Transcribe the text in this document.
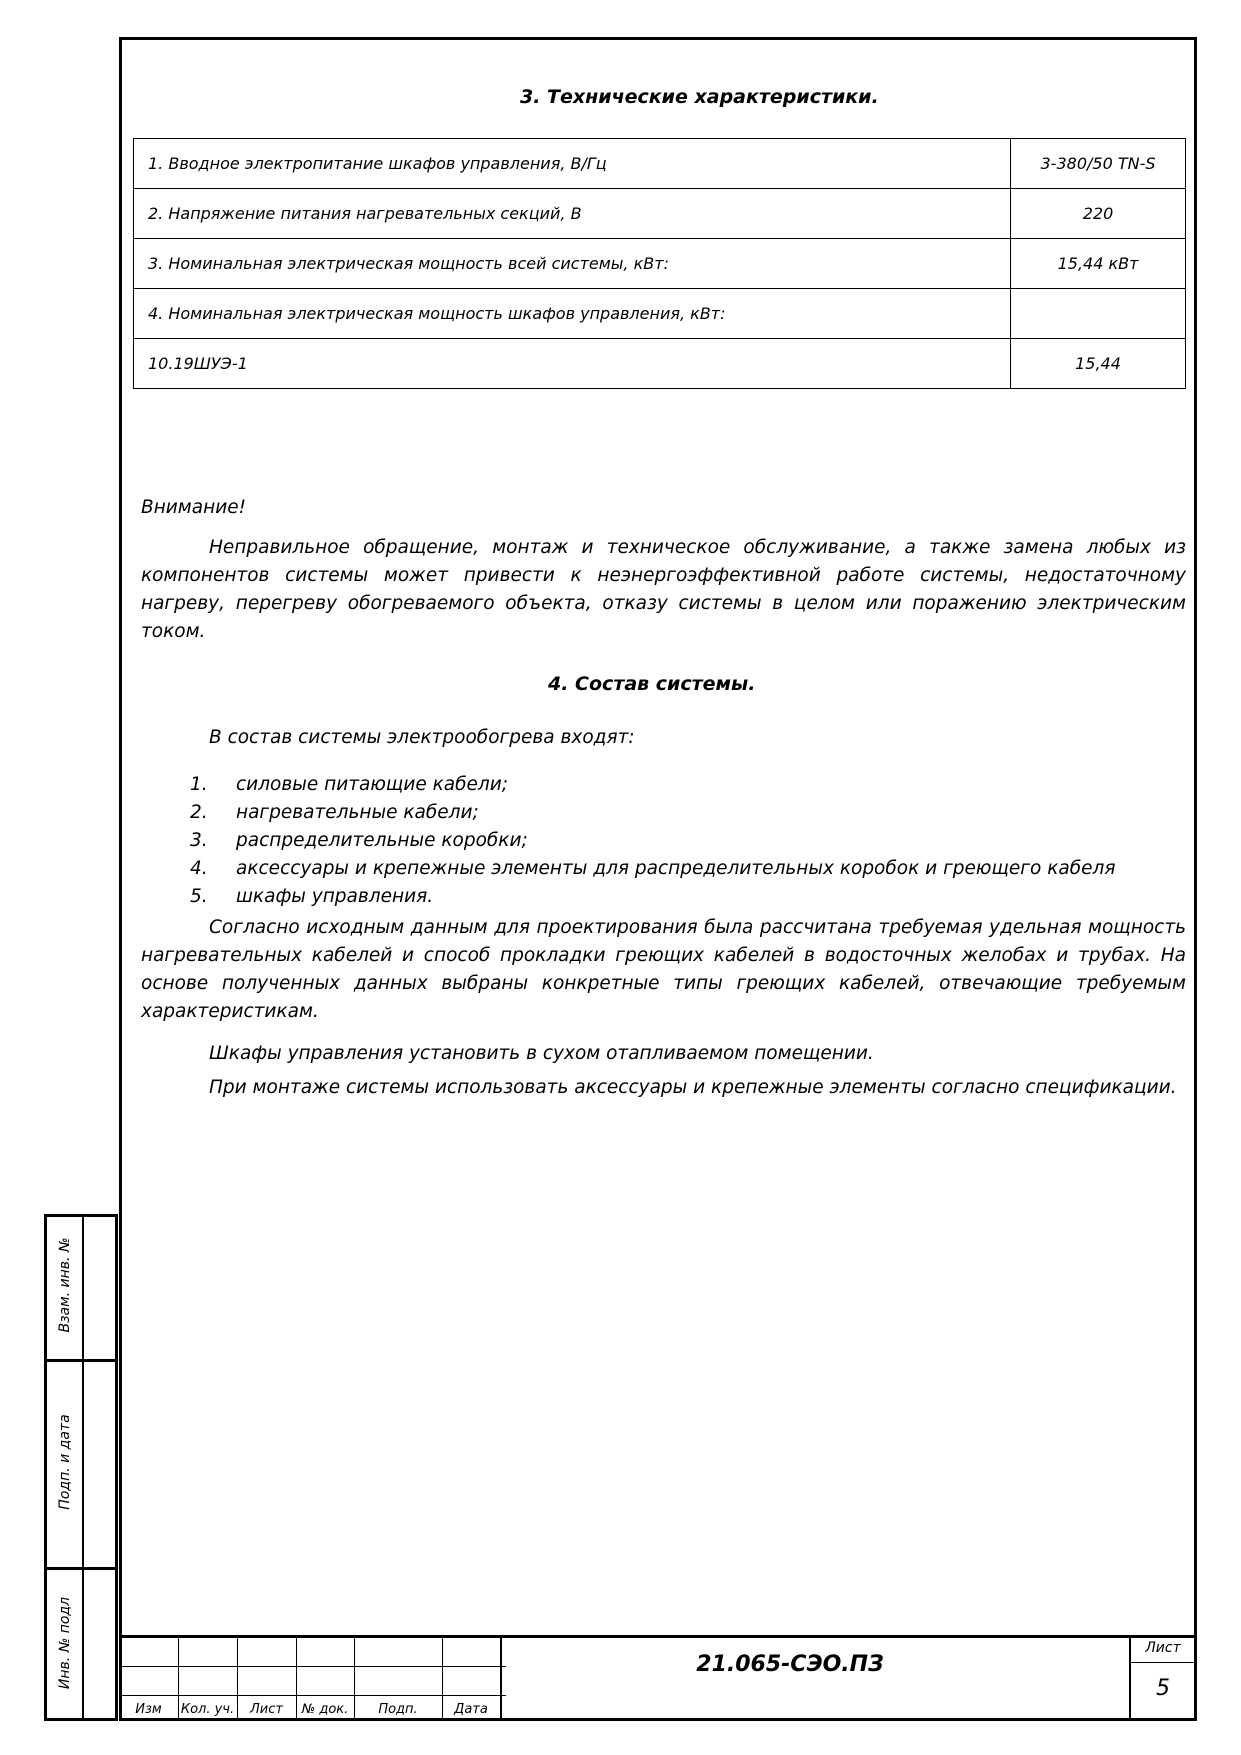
3. Технические характеристики.
1. Вводное электропитание шкафов управления, В/Гц	3-380/50 TN-S
2. Напряжение питания нагревательных секций, В	220
3. Номинальная электрическая мощность всей системы, кВт:	15,44 кВт
4. Номинальная электрическая мощность шкафов управления, кВт:	
10.19ШУЭ-1	15,44
Внимание!
Неправильное обращение, монтаж и техническое обслуживание, а также замена любых из компонентов системы может привести к неэнергоэффективной работе системы, недостаточному нагреву, перегреву обогреваемого объекта, отказу системы в целом или поражению электрическим током.
4. Состав системы.
В состав системы электрообогрева входят:
1. силовые питающие кабели;
2. нагревательные кабели;
3. распределительные коробки;
4. аксессуары и крепежные элементы для распределительных коробок и греющего кабеля
5. шкафы управления.
Согласно исходным данным для проектирования была рассчитана требуемая удельная мощность нагревательных кабелей и способ прокладки греющих кабелей в водосточных желобах и трубах. На основе полученных данных выбраны конкретные типы греющих кабелей, отвечающие требуемым характеристикам.
Шкафы управления установить в сухом отапливаемом помещении.
При монтаже системы использовать аксессуары и крепежные элементы согласно спецификации.
Взам. инв. №
Подп. и дата
Инв. № подл
Изм	Кол. уч.	Лист	№ док.	Подп.	Дата
Лист
5
21.065-СЭО.ПЗ
